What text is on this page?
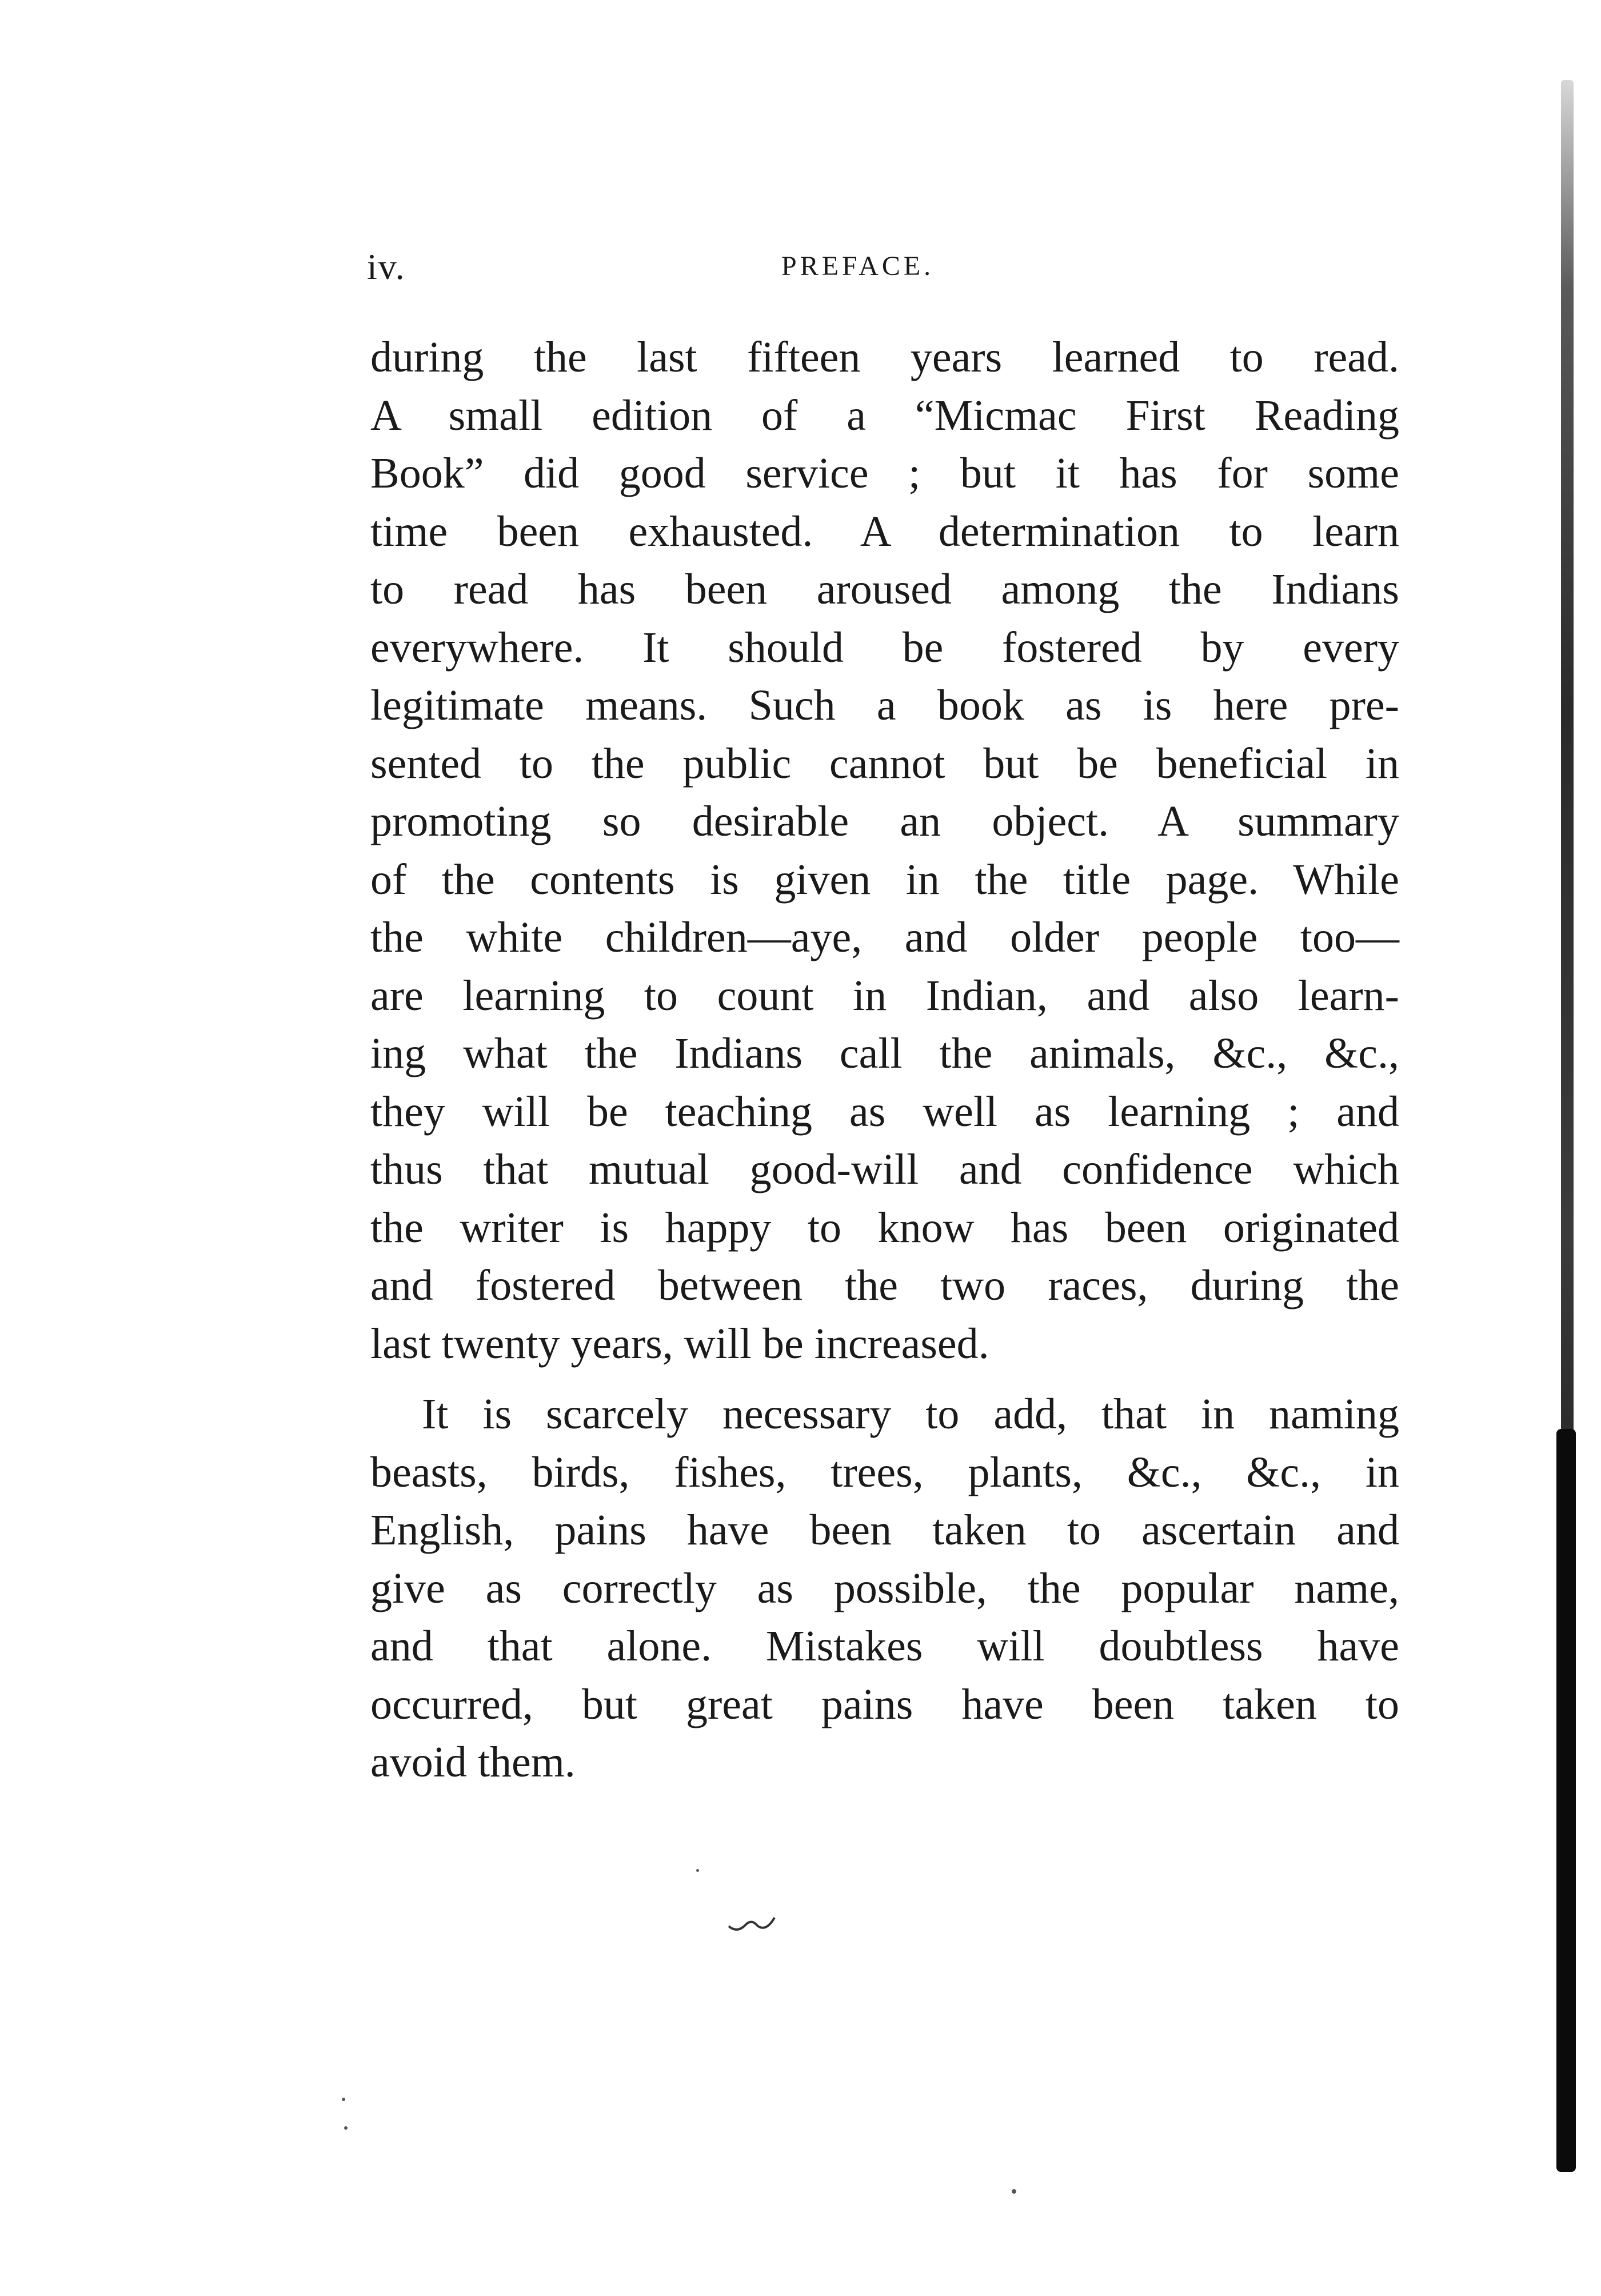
iv.	PREFACE.
during the last fifteen years learned to read.
A small edition of a “Micmac First Reading
Book” did good service ; but it has for some
time been exhausted. A determination to learn
to read has been aroused among the Indians
everywhere. It should be fostered by every
legitimate means. Such a book as is here pre-
sented to the public cannot but be beneficial in
promoting so desirable an object. A summary
of the contents is given in the title page. While
the white children—aye, and older people too—
are learning to count in Indian, and also learn-
ing what the Indians call the animals, &c., &c.,
they will be teaching as well as learning ; and
thus that mutual good-will and confidence which
the writer is happy to know has been originated
and fostered between the two races, during the
last twenty years, will be increased.
It is scarcely necessary to add, that in naming
beasts, birds, fishes, trees, plants, &c., &c., in
English, pains have been taken to ascertain and
give as correctly as possible, the popular name,
and that alone. Mistakes will doubtless have
occurred, but great pains have been taken to
avoid them.
